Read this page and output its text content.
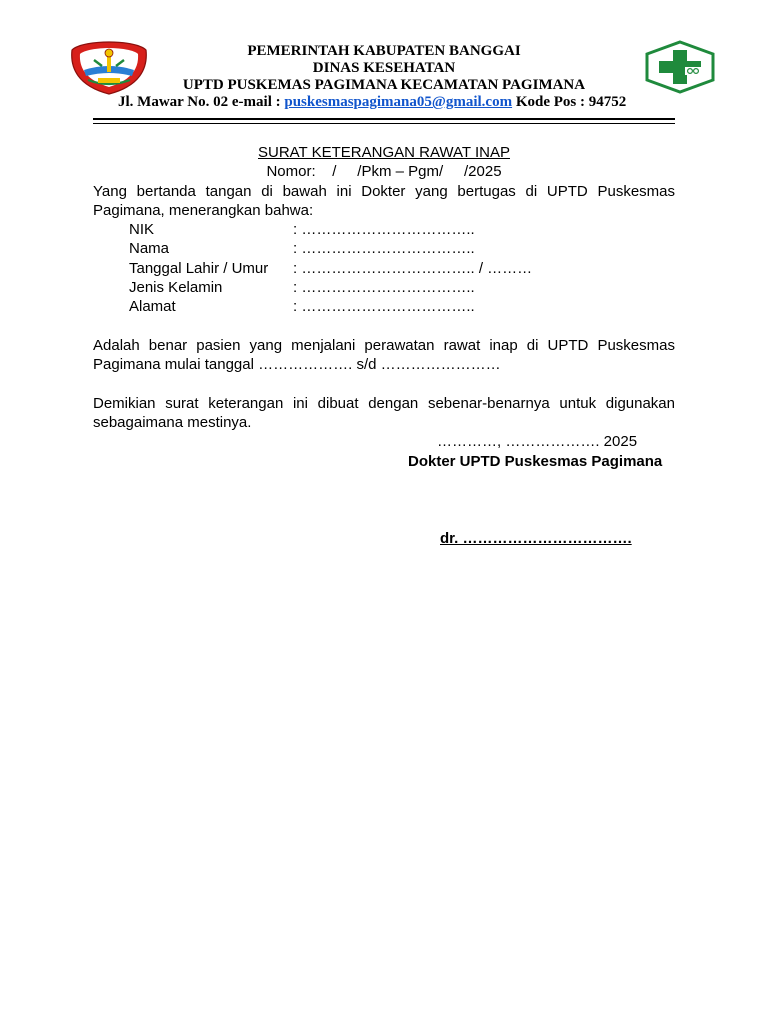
PEMERINTAH KABUPATEN BANGGAI
DINAS KESEHATAN
UPTD PUSKEMAS PAGIMANA KECAMATAN PAGIMANA
Jl. Mawar No. 02 e-mail : puskesmaspagimana05@gmail.com Kode Pos : 94752
SURAT KETERANGAN RAWAT INAP
Nomor:    /     /Pkm – Pgm/     /2025
Yang bertanda tangan di bawah ini Dokter yang bertugas di UPTD Puskesmas Pagimana, menerangkan bahwa:
NIK	: ……………………………..
Nama	: ……………………………..
Tanggal Lahir / Umur : …………………………….. / ………
Jenis Kelamin	: ……………………………..
Alamat	: ……………………………..
Adalah benar pasien yang menjalani perawatan rawat inap di UPTD Puskesmas Pagimana mulai tanggal ………………. s/d ……………………
Demikian surat keterangan ini dibuat dengan sebenar-benarnya untuk digunakan sebagaimana mestinya.
…………, ………………. 2025
Dokter UPTD Puskesmas Pagimana
dr. …………………………….
